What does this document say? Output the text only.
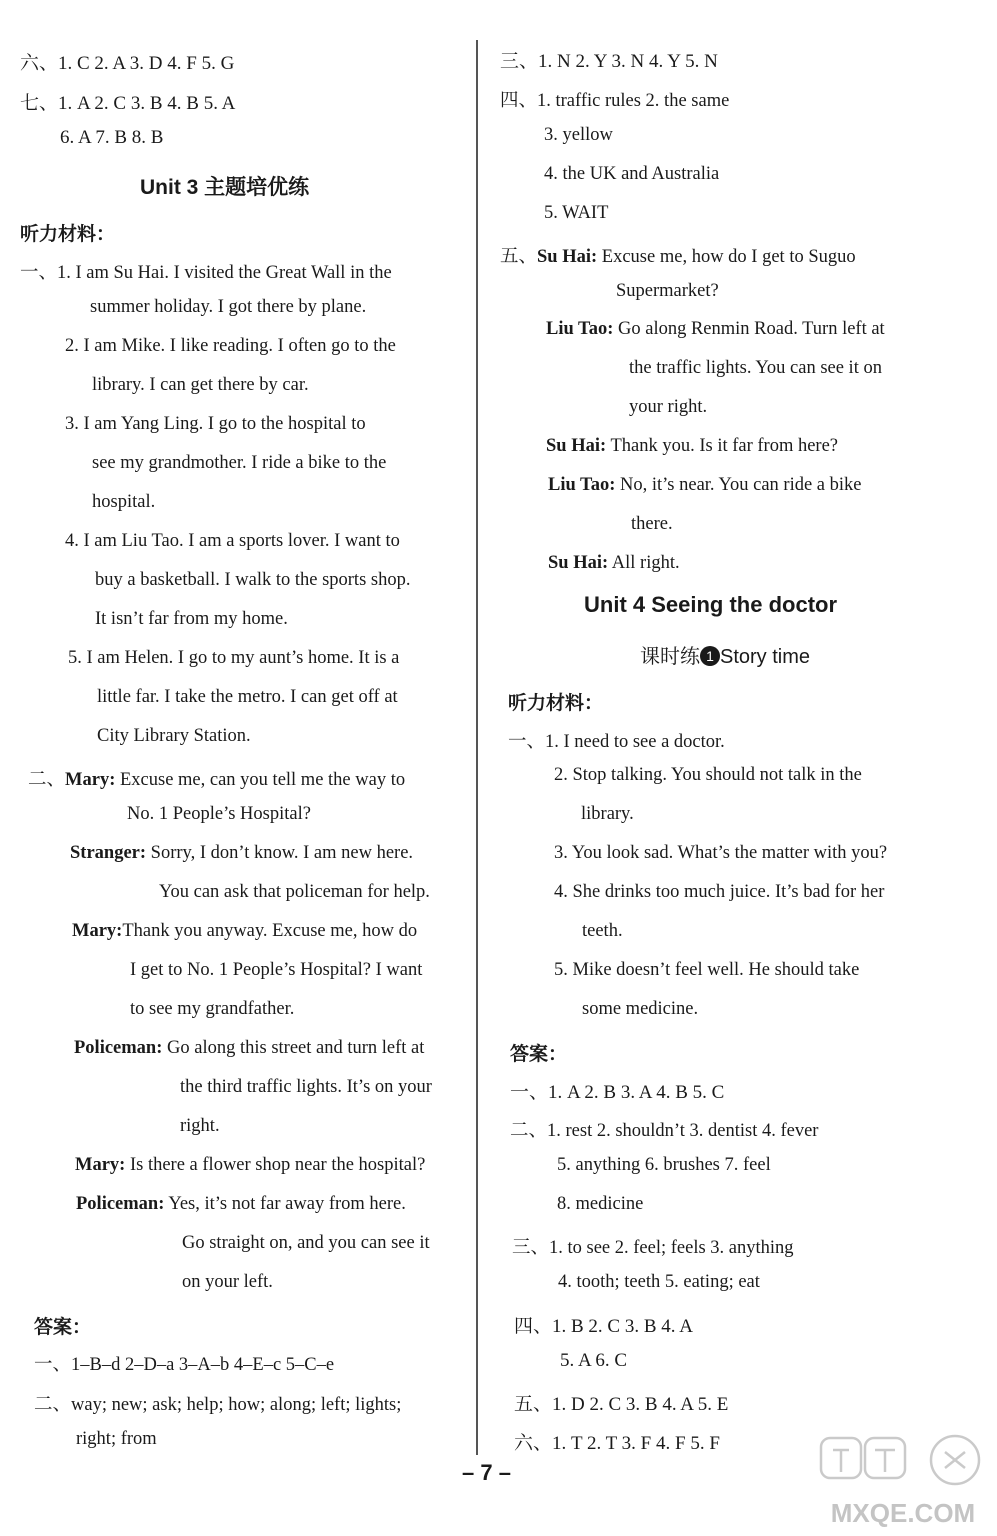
六、1. C 2. A 3. D 4. F 5. G
七、1. A 2. C 3. B 4. B 5. A
6. A 7. B 8. B
Unit 3 主题培优练
听力材料：
一、1. I am Su Hai. I visited the Great Wall in the
summer holiday. I got there by plane.
2. I am Mike. I like reading. I often go to the
library. I can get there by car.
3. I am Yang Ling. I go to the hospital to
see my grandmother. I ride a bike to the
hospital.
4. I am Liu Tao. I am a sports lover. I want to
buy a basketball. I walk to the sports shop.
It isn’t far from my home.
5. I am Helen. I go to my aunt’s home. It is a
little far. I take the metro. I can get off at
City Library Station.
二、Mary: Excuse me, can you tell me the way to
No. 1 People’s Hospital?
Stranger: Sorry, I don’t know. I am new here.
You can ask that policeman for help.
Mary:Thank you anyway. Excuse me, how do
I get to No. 1 People’s Hospital? I want
to see my grandfather.
Policeman: Go along this street and turn left at
the third traffic lights. It’s on your
right.
Mary: Is there a flower shop near the hospital?
Policeman: Yes, it’s not far away from here.
Go straight on, and you can see it
on your left.
答案：
一、1–B–d 2–D–a 3–A–b 4–E–c 5–C–e
二、way; new; ask; help; how; along; left; lights;
right; from
三、1. N 2. Y 3. N 4. Y 5. N
四、1. traffic rules 2. the same
3. yellow
4. the UK and Australia
5. WAIT
五、Su Hai: Excuse me, how do I get to Suguo
Supermarket?
Liu Tao: Go along Renmin Road. Turn left at
the traffic lights. You can see it on
your right.
Su Hai: Thank you. Is it far from here?
Liu Tao: No, it’s near. You can ride a bike
there.
Su Hai: All right.
Unit 4 Seeing the doctor
课时练 1 Story time
听力材料：
一、1. I need to see a doctor.
2. Stop talking. You should not talk in the
library.
3. You look sad. What’s the matter with you?
4. She drinks too much juice. It’s bad for her
teeth.
5. Mike doesn’t feel well. He should take
some medicine.
答案：
一、1. A 2. B 3. A 4. B 5. C
二、1. rest 2. shouldn’t 3. dentist 4. fever
5. anything 6. brushes 7. feel
8. medicine
三、1. to see 2. feel; feels 3. anything
4. tooth; teeth 5. eating; eat
四、1. B 2. C 3. B 4. A
5. A 6. C
五、1. D 2. C 3. B 4. A 5. E
六、1. T 2. T 3. F 4. F 5. F
– 7 –
MXQE.COM
